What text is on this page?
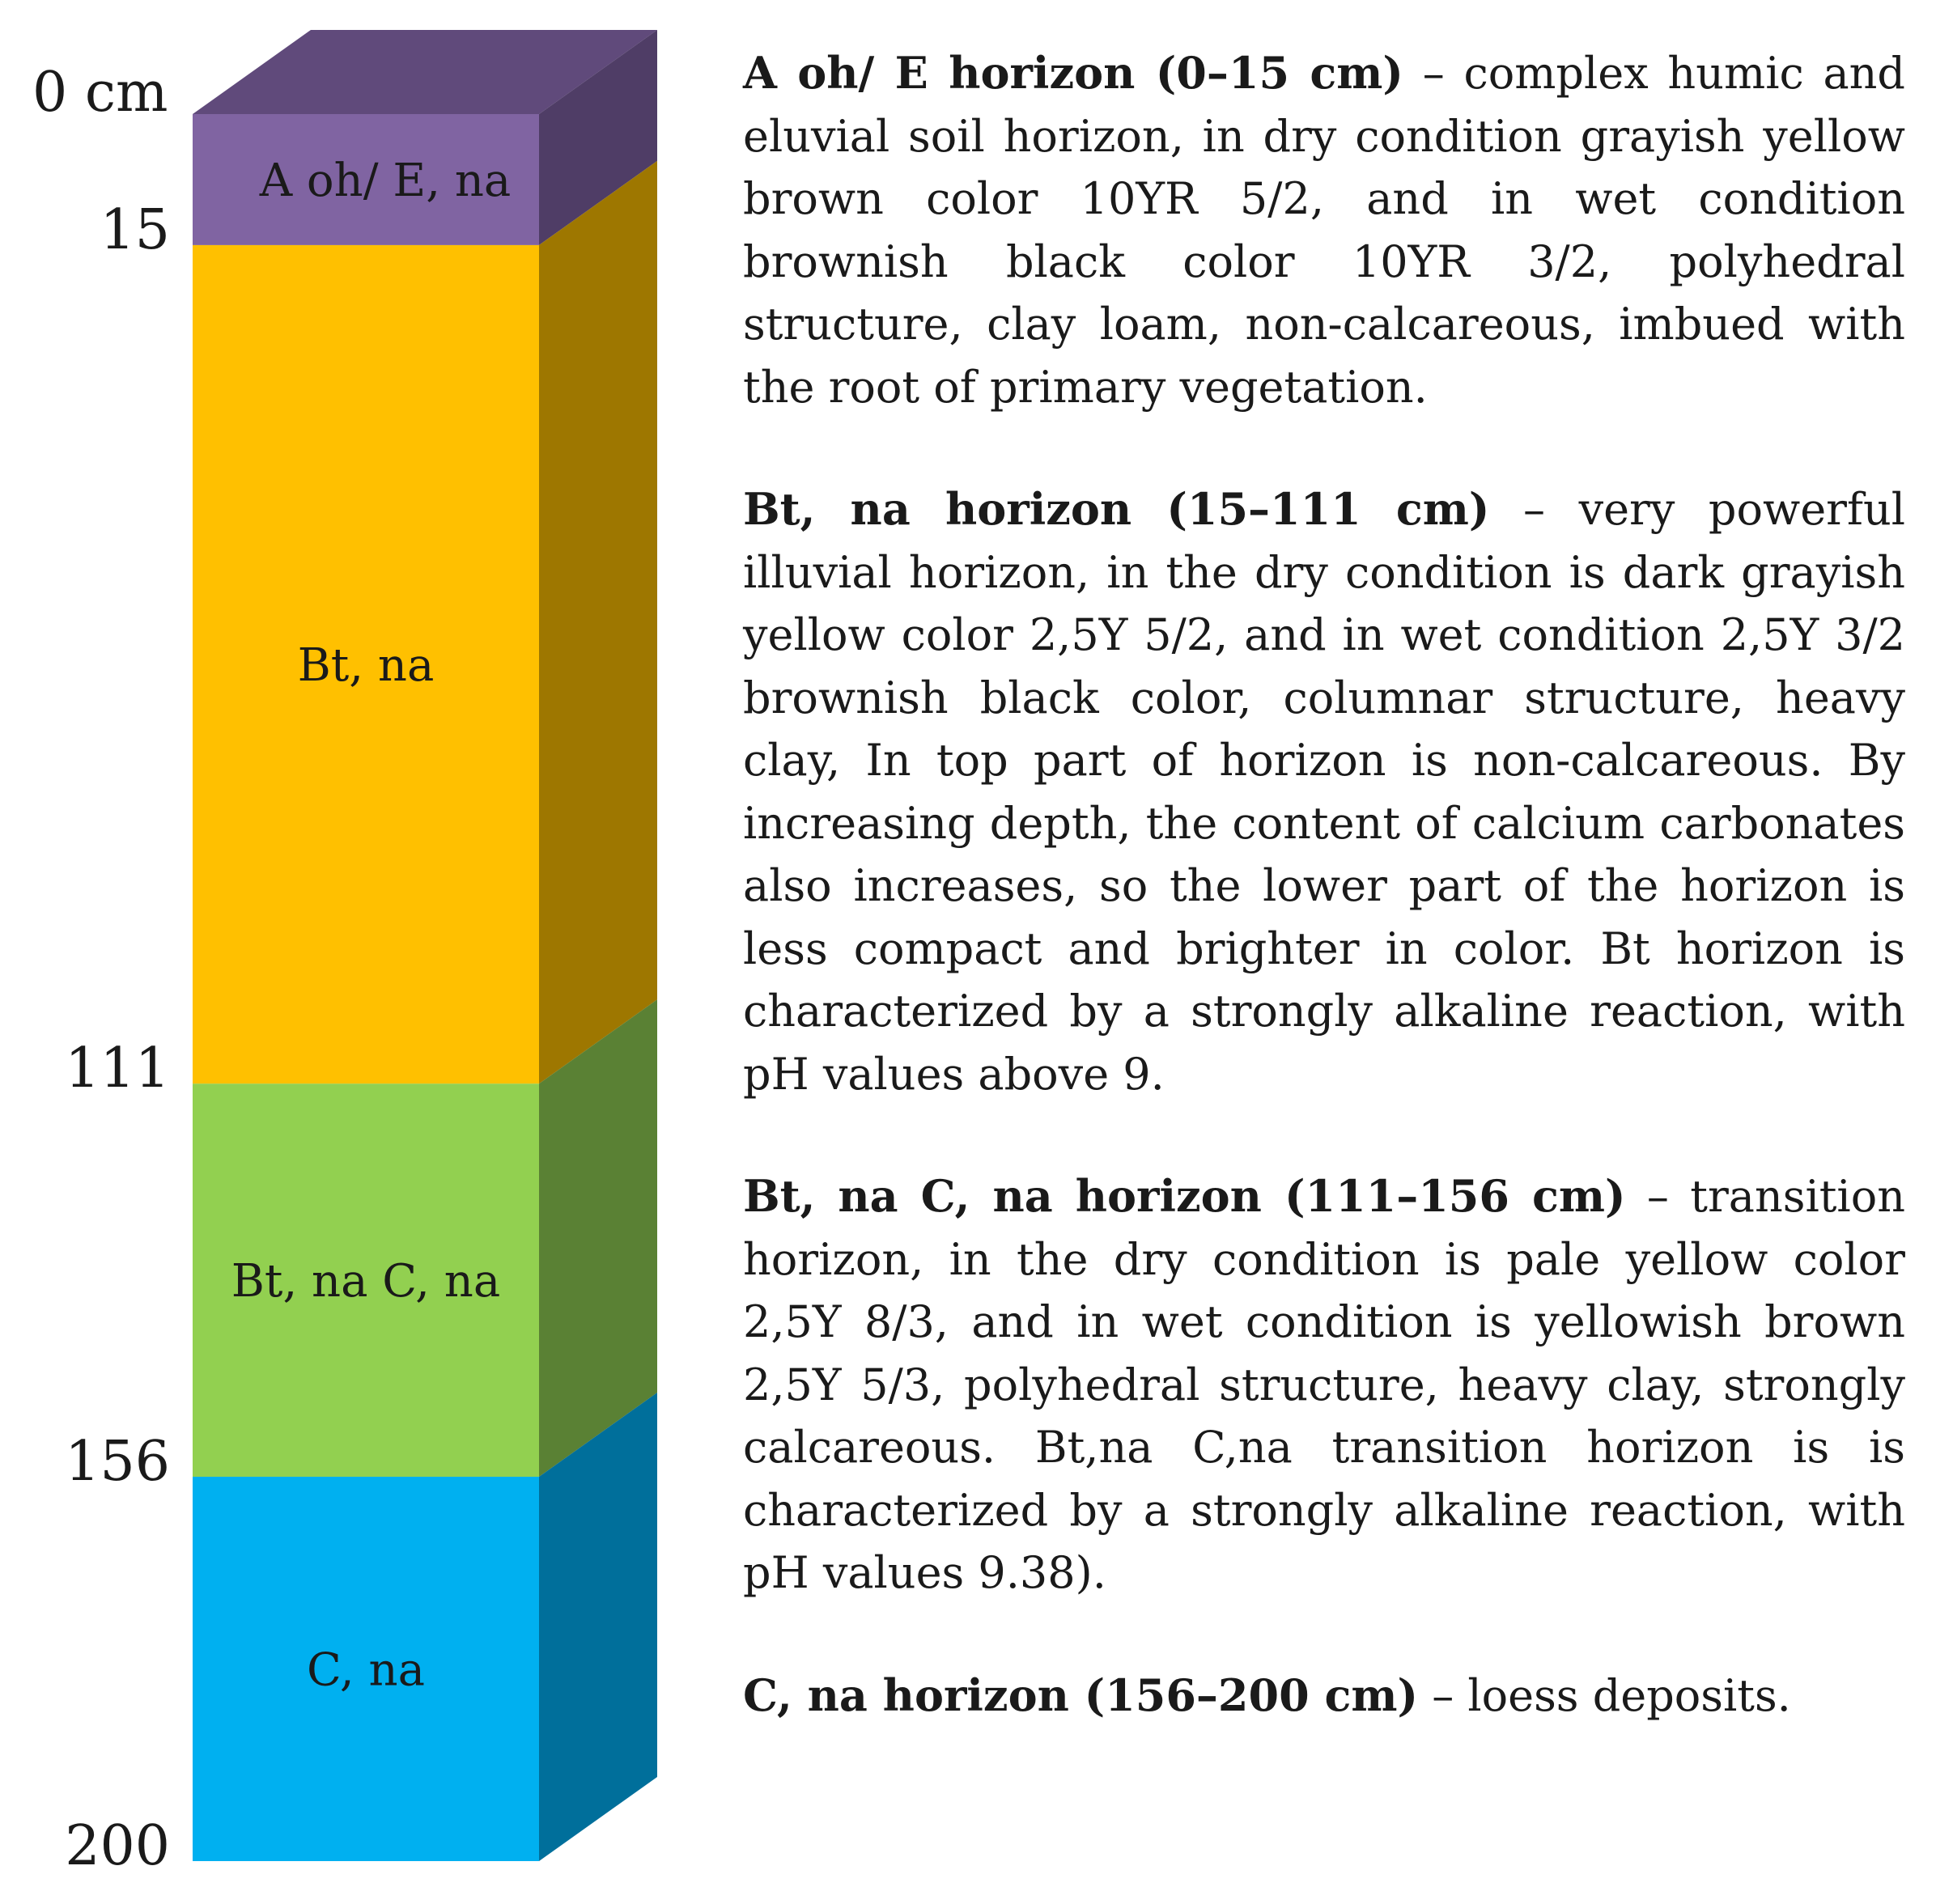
A oh/ E, na
Bt, na
Bt, na C, na
C, na
0 cm
15
111
156
200

A oh/ E horizon (0–15 cm) – complex humic and eluvial soil horizon, in dry condition grayish yellow brown color 10YR 5/2, and in wet condition brownish black color 10YR 3/2, polyhedral structure, clay loam, non-calcareous, imbued with the root of primary vegetation.

Bt, na horizon (15–111 cm) – very powerful illuvial horizon, in the dry condition is dark grayish yellow color 2,5Y 5/2, and in wet condition 2,5Y 3/2 brownish black color, columnar structure, heavy clay, In top part of horizon is non-calcareous. By increasing depth, the content of calcium carbonates also increases, so the lower part of the horizon is less compact and brighter in color. Bt horizon is characterized by a strongly alkaline reaction, with pH values above 9.

Bt, na C, na horizon (111–156 cm) – transition horizon, in the dry condition is pale yellow color 2,5Y 8/3, and in wet condition is yellowish brown 2,5Y 5/3, polyhedral structure, heavy clay, strongly calcareous. Bt,na C,na transition horizon is is characterized by a strongly alkaline reaction, with pH values 9.38).

C, na horizon (156–200 cm) – loess deposits.
